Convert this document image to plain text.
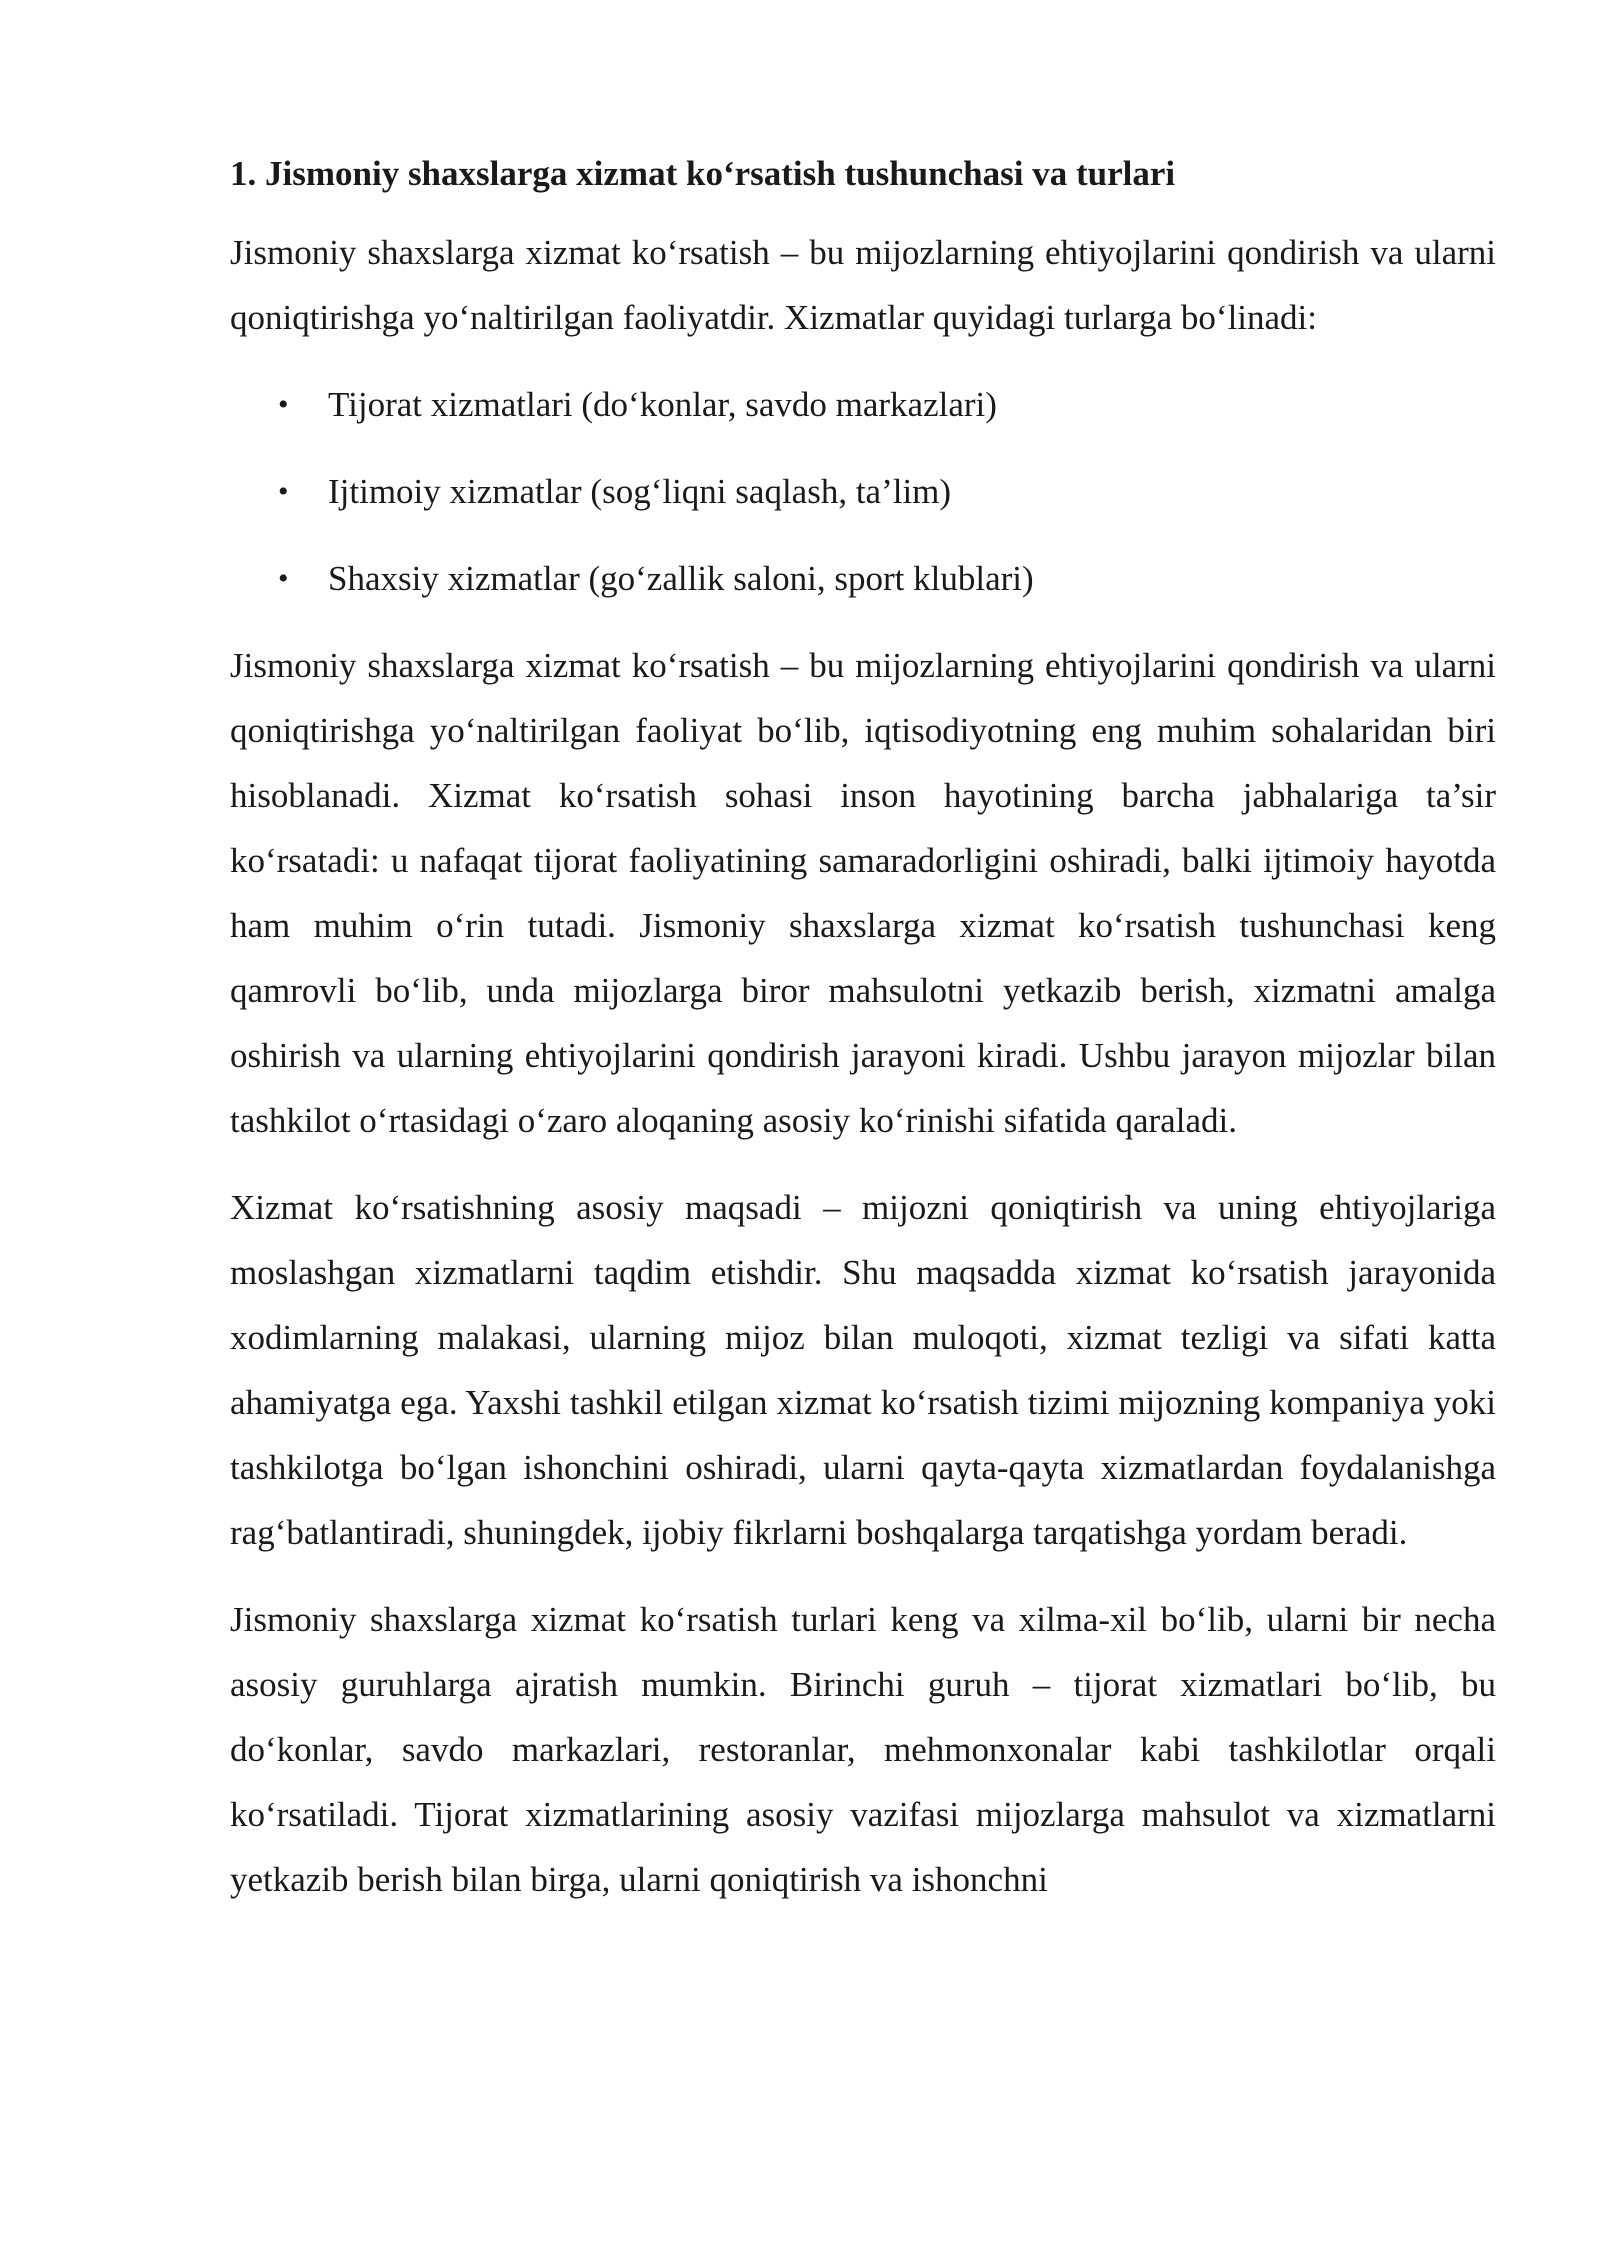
1. Jismoniy shaxslarga xizmat ko‘rsatish tushunchasi va turlari

Jismoniy shaxslarga xizmat ko‘rsatish – bu mijozlarning ehtiyojlarini qondirish va ularni qoniqtirishga yo‘naltirilgan faoliyatdir. Xizmatlar quyidagi turlarga bo‘linadi:

• Tijorat xizmatlari (do‘konlar, savdo markazlari)
• Ijtimoiy xizmatlar (sog‘liqni saqlash, ta’lim)
• Shaxsiy xizmatlar (go‘zallik saloni, sport klublari)

Jismoniy shaxslarga xizmat ko‘rsatish – bu mijozlarning ehtiyojlarini qondirish va ularni qoniqtirishga yo‘naltirilgan faoliyat bo‘lib, iqtisodiyotning eng muhim sohalaridan biri hisoblanadi. Xizmat ko‘rsatish sohasi inson hayotining barcha jabhalariga ta’sir ko‘rsatadi: u nafaqat tijorat faoliyatining samaradorligini oshiradi, balki ijtimoiy hayotda ham muhim o‘rin tutadi. Jismoniy shaxslarga xizmat ko‘rsatish tushunchasi keng qamrovli bo‘lib, unda mijozlarga biror mahsulotni yetkazib berish, xizmatni amalga oshirish va ularning ehtiyojlarini qondirish jarayoni kiradi. Ushbu jarayon mijozlar bilan tashkilot o‘rtasidagi o‘zaro aloqaning asosiy ko‘rinishi sifatida qaraladi.

Xizmat ko‘rsatishning asosiy maqsadi – mijozni qoniqtirish va uning ehtiyojlariga moslashgan xizmatlarni taqdim etishdir. Shu maqsadda xizmat ko‘rsatish jarayonida xodimlarning malakasi, ularning mijoz bilan muloqoti, xizmat tezligi va sifati katta ahamiyatga ega. Yaxshi tashkil etilgan xizmat ko‘rsatish tizimi mijozning kompaniya yoki tashkilotga bo‘lgan ishonchini oshiradi, ularni qayta-qayta xizmatlardan foydalanishga rag‘batlantiradi, shuningdek, ijobiy fikrlarni boshqalarga tarqatishga yordam beradi.

Jismoniy shaxslarga xizmat ko‘rsatish turlari keng va xilma-xil bo‘lib, ularni bir necha asosiy guruhlarga ajratish mumkin. Birinchi guruh – tijorat xizmatlari bo‘lib, bu do‘konlar, savdo markazlari, restoranlar, mehmonxonalar kabi tashkilotlar orqali ko‘rsatiladi. Tijorat xizmatlarining asosiy vazifasi mijozlarga mahsulot va xizmatlarni yetkazib berish bilan birga, ularni qoniqtirish va ishonchni
